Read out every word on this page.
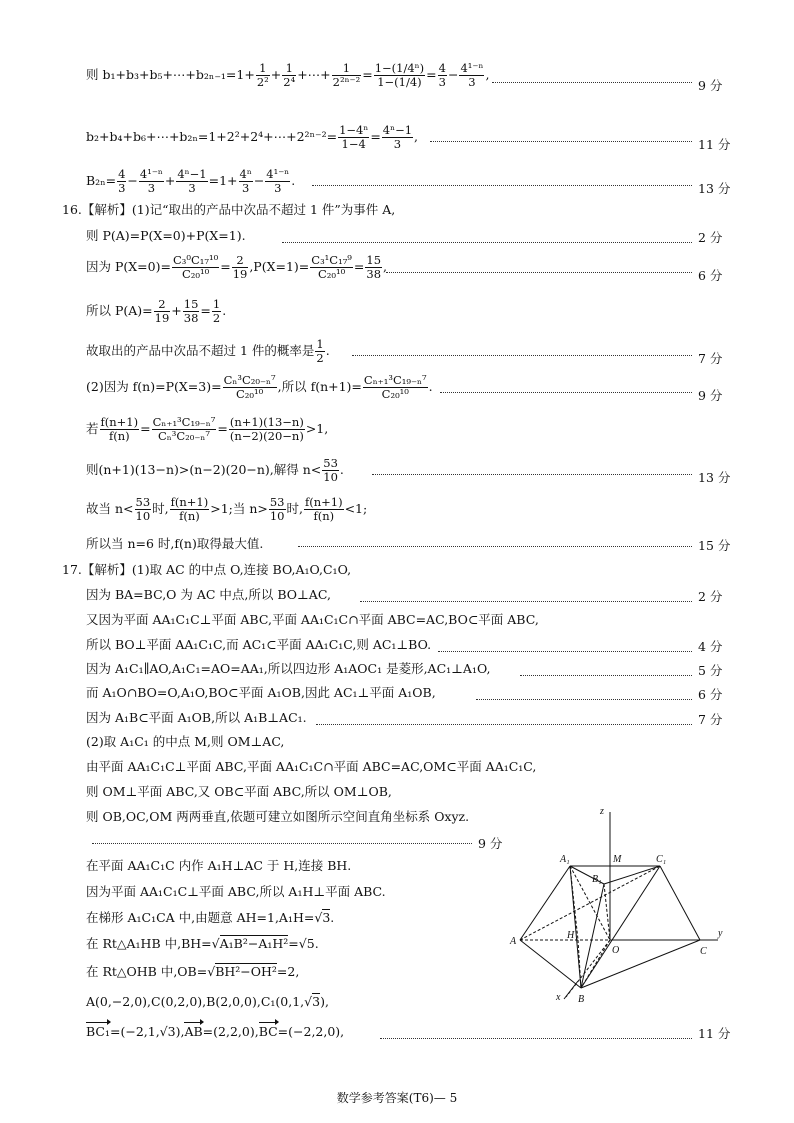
则 b₁+b₃+b₅+⋯+b₂ₙ₋₁=1+ $\frac{1}{\text{2²}} + \frac{1}{\text{2⁴}}$ +⋯+ $\frac{1}{\text{2²ⁿ⁻²}} = \frac{\text{1−(1/4ⁿ)}}{1-(1/4)} = \frac{4}{3} - \frac{\text{4¹⁻ⁿ}}{3}$ ,
9 分
b₂+b₄+b₆+⋯+b₂ₙ=1+2²+2⁴+⋯+2²ⁿ⁻²= $\frac{\text{1−4ⁿ}}{1-4} = \frac{\text{4ⁿ−1}}{3}$ ,
11 分
$B_{2n}= \frac{4}{3} - \frac{\text{4¹⁻ⁿ}}{3} + \frac{\text{4ⁿ−1}}{3} =1+ \frac{\text{4ⁿ}}{3} - \frac{\text{4¹⁻ⁿ}}{3}$ .
13 分
16.【解析】(1)记“取出的产品中次品不超过 1 件”为事件 A,
则 P(A)=P(X=0)+P(X=1).	2 分
因为 $P(X=0)= \frac{\text{C₃⁰C₁₇¹⁰}}{\text{C₂₀¹⁰}} = \frac{2}{19} ,P(X=1)= \frac{\text{C₃¹C₁₇⁹}}{\text{C₂₀¹⁰}} = \frac{15}{38}$ ,
6 分
所以 $P(A)= \frac{2}{19} + \frac{15}{38} = \frac{1}{2}$ .
故取出的产品中次品不超过 1 件的概率是 $\frac{1}{2}$ .
7 分
(2)因为 $f(n)=P(X=3)= \frac{\text{Cₙ³C₂₀₋ₙ⁷}}{\text{C₂₀¹⁰}}$ ,所以 $f(n+1)= \frac{\text{Cₙ₊₁³C₁₉₋ₙ⁷}}{\text{C₂₀¹⁰}}$ .
9 分
若 $\frac{f(n+1)}{f(n)} = \frac{\text{Cₙ₊₁³C₁₉₋ₙ⁷}}{\text{Cₙ³C₂₀₋ₙ⁷}} = \frac{(n+1)(13-n)}{(n-2)(20-n)} >1$,
则(n+1)(13−n)>(n−2)(20−n),解得 $n< \frac{53}{10}$ .
13 分
故当 $n< \frac{53}{10}$ 时, $\frac{f(n+1)}{f(n)} >1$;当 $n> \frac{53}{10}$ 时, $\frac{f(n+1)}{f(n)} <1$;
所以当 n=6 时,f(n)取得最大值.	15 分
17.【解析】(1)取 AC 的中点 O,连接 BO,A₁O,C₁O,
因为 BA=BC,O 为 AC 中点,所以 BO⊥AC,	2 分
又因为平面 AA₁C₁C⊥平面 ABC,平面 AA₁C₁C∩平面 ABC=AC,BO⊂平面 ABC,
所以 BO⊥平面 AA₁C₁C,而 AC₁⊂平面 AA₁C₁C,则 AC₁⊥BO.	4 分
因为 A₁C₁∥AO,A₁C₁=AO=AA₁,所以四边形 A₁AOC₁ 是菱形,AC₁⊥A₁O,	5 分
而 A₁O∩BO=O,A₁O,BO⊂平面 A₁OB,因此 AC₁⊥平面 A₁OB,	6 分
因为 A₁B⊂平面 A₁OB,所以 A₁B⊥AC₁.	7 分
(2)取 A₁C₁ 的中点 M,则 OM⊥AC,
由平面 AA₁C₁C⊥平面 ABC,平面 AA₁C₁C∩平面 ABC=AC,OM⊂平面 AA₁C₁C,
则 OM⊥平面 ABC,又 OB⊂平面 ABC,所以 OM⊥OB,
则 OB,OC,OM 两两垂直,依题可建立如图所示空间直角坐标系 Oxyz.
9 分
在平面 AA₁C₁C 内作 A₁H⊥AC 于 H,连接 BH.
因为平面 AA₁C₁C⊥平面 ABC,所以 A₁H⊥平面 ABC.
在梯形 A₁C₁CA 中,由题意 AH=1,A₁H=√3.
在 Rt△A₁HB 中,BH=√A₁B²−A₁H²=√5.
在 Rt△OHB 中,OB=√BH²−OH²=2,
A(0,−2,0),C(0,2,0),B(2,0,0),C₁(0,1,√3),
BC₁=(−2,1,√3),AB=(2,2,0),BC=(−2,2,0),	11 分
z
y
x
A₁	M	C₁
B₁
A
H
O	C
B
数学参考答案(T6)— 5
